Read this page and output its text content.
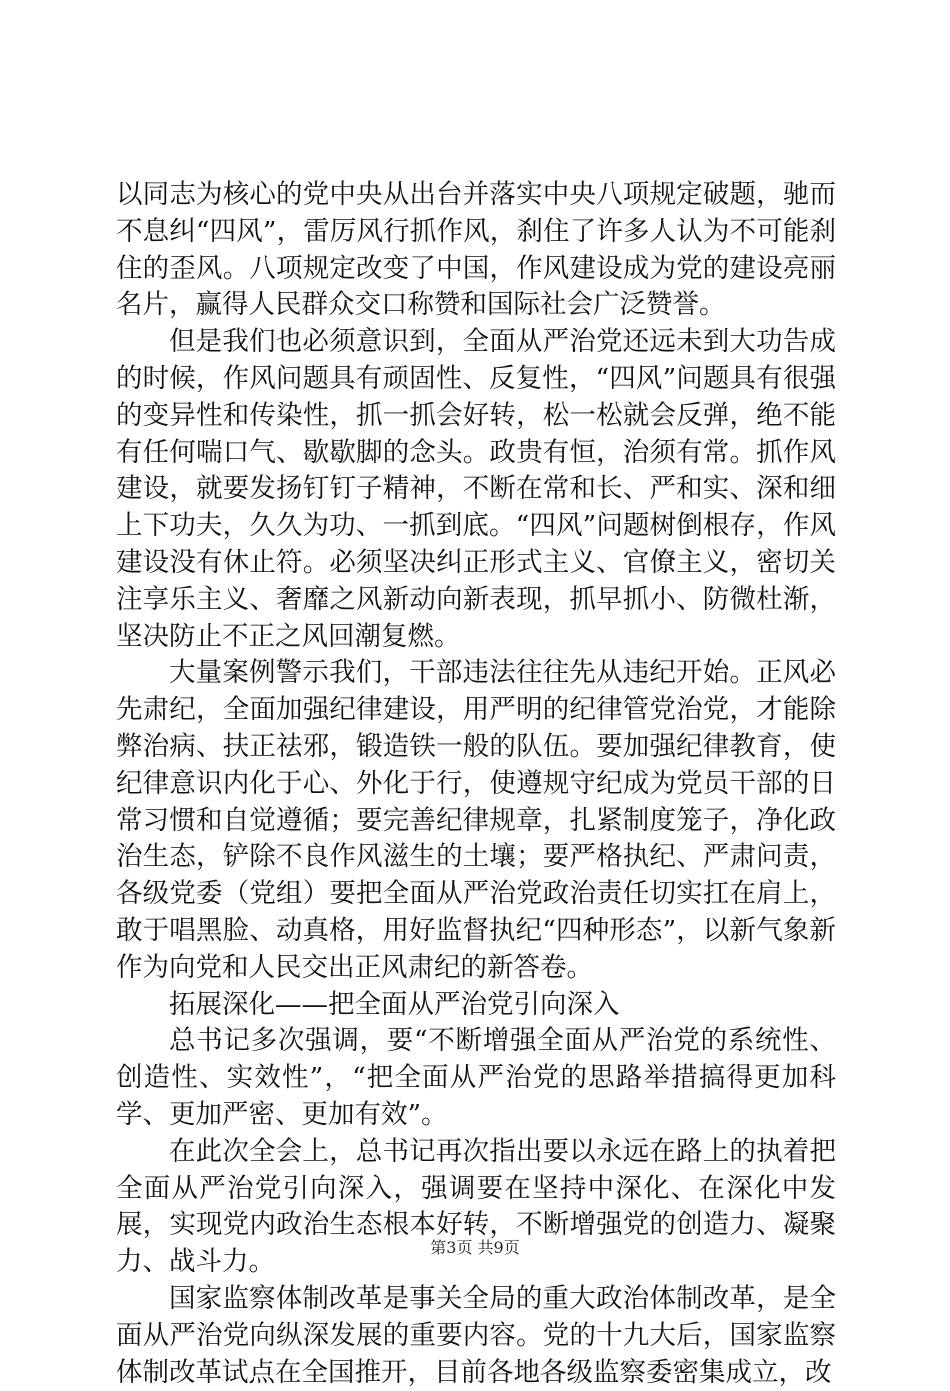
以同志为核心的党中央从出台并落实中央八项规定破题，驰而不息纠“四风”，雷厉风行抓作风，刹住了许多人认为不可能刹住的歪风。八项规定改变了中国，作风建设成为党的建设亮丽名片，赢得人民群众交口称赞和国际社会广泛赞誉。

但是我们也必须意识到，全面从严治党还远未到大功告成的时候，作风问题具有顽固性、反复性，“四风”问题具有很强的变异性和传染性，抓一抓会好转，松一松就会反弹，绝不能有任何喘口气、歇歇脚的念头。政贵有恒，治须有常。抓作风建设，就要发扬钉钉子精神，不断在常和长、严和实、深和细上下功夫，久久为功、一抓到底。“四风”问题树倒根存，作风建设没有休止符。必须坚决纠正形式主义、官僚主义，密切关注享乐主义、奢靡之风新动向新表现，抓早抓小、防微杜渐，坚决防止不正之风回潮复燃。

大量案例警示我们，干部违法往往先从违纪开始。正风必先肃纪，全面加强纪律建设，用严明的纪律管党治党，才能除弊治病、扶正祛邪，锻造铁一般的队伍。要加强纪律教育，使纪律意识内化于心、外化于行，使遵规守纪成为党员干部的日常习惯和自觉遵循；要完善纪律规章，扎紧制度笼子，净化政治生态，铲除不良作风滋生的土壤；要严格执纪、严肃问责，各级党委（党组）要把全面从严治党政治责任切实扛在肩上，敢于唱黑脸、动真格，用好监督执纪“四种形态”，以新气象新作为向党和人民交出正风肃纪的新答卷。

拓展深化——把全面从严治党引向深入

总书记多次强调，要“不断增强全面从严治党的系统性、创造性、实效性”，“把全面从严治党的思路举措搞得更加科学、更加严密、更加有效”。

在此次全会上，总书记再次指出要以永远在路上的执着把全面从严治党引向深入，强调要在坚持中深化、在深化中发展，实现党内政治生态根本好转，不断增强党的创造力、凝聚力、战斗力。

国家监察体制改革是事关全局的重大政治体制改革，是全面从严治党向纵深发展的重要内容。党的十九大后，国家监察体制改革试点在全国推开，目前各地各级监察委密集成立，改

第3页 共9页
